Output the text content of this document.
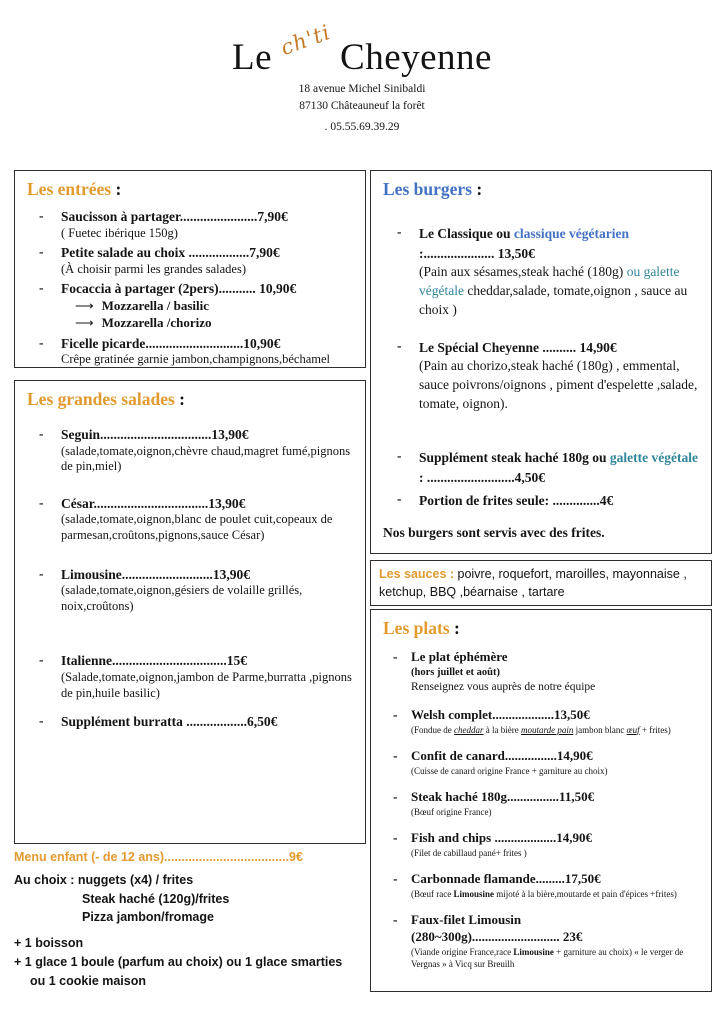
Le ch'ti Cheyenne
18 avenue Michel Sinibaldi
87130 Châteauneuf la forêt
. 05.55.69.39.29
Les entrées :
-	Saucisson à partager.......................7,90€
( Fuetec ibérique 150g)
-	Petite salade au choix ..................7,90€
(À choisir parmi les grandes salades)
-	Focaccia à partager (2pers)........... 10,90€
⟶ Mozzarella / basilic
⟶ Mozzarella /chorizo
-	Ficelle picarde.............................10,90€
Crêpe gratinée garnie jambon,champignons,béchamel
Les grandes salades :
-	Seguin.................................13,90€
(salade,tomate,oignon,chèvre chaud,magret fumé,pignons de pin,miel)
-	César..................................13,90€
(salade,tomate,oignon,blanc de poulet cuit,copeaux de parmesan,croûtons,pignons,sauce César)
-	Limousine...........................13,90€
(salade,tomate,oignon,gésiers de volaille grillés, noix,croûtons)
-	Italienne..................................15€
(Salade,tomate,oignon,jambon de Parme,burratta ,pignons de pin,huile basilic)
-	Supplément burratta ..................6,50€
Menu enfant (- de 12 ans)....................................9€
Au choix : nuggets (x4) / frites
Steak haché (120g)/frites
Pizza jambon/fromage
+ 1 boisson
+ 1 glace 1 boule (parfum au choix) ou 1 glace smarties
ou 1 cookie maison
Les burgers :
-	Le Classique ou classique végétarien
:..................... 13,50€
(Pain aux sésames,steak haché (180g) ou galette végétale cheddar,salade, tomate,oignon , sauce au choix )
-	Le Spécial Cheyenne .......... 14,90€
(Pain au chorizo,steak haché (180g) , emmental, sauce poivrons/oignons , piment d'espelette ,salade, tomate, oignon).
-	Supplément steak haché 180g ou galette végétale : ..........................4,50€
-	Portion de frites seule: ..............4€
Nos burgers sont servis avec des frites.

Les sauces : poivre, roquefort, maroilles, mayonnaise , ketchup, BBQ ,béarnaise , tartare

Les plats :
-	Le plat éphémère
(hors juillet et août)
Renseignez vous auprès de notre équipe
-	Welsh complet...................13,50€
(Fondue de cheddar à la bière moutarde pain jambon blanc œuf + frites)
-	Confit de canard................14,90€
(Cuisse de canard origine France + garniture au choix)
-	Steak haché 180g................11,50€
(Bœuf origine France)
-	Fish and chips ...................14,90€
(Filet de cabillaud pané+ frites )
-	Carbonnade flamande.........17,50€
(Bœuf race Limousine mijoté à la bière,moutarde et pain d'épices +frites)
-	Faux-filet Limousin
(280~300g)........................... 23€
(Viande origine France,race Limousine + garniture au choix) « le verger de Vergnas » à Vicq sur Breuilh
